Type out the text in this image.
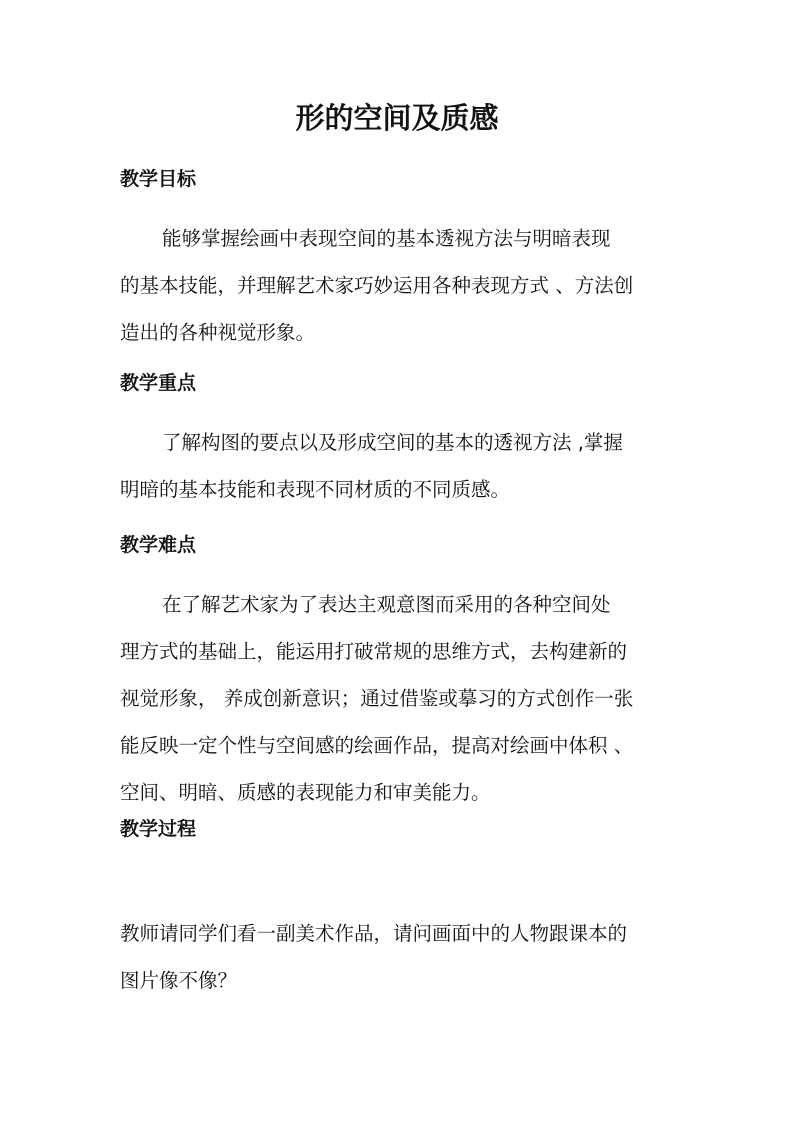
形的空间及质感
教学目标

能够掌握绘画中表现空间的基本透视方法与明暗表现
的基本技能，并理解艺术家巧妙运用各种表现方式 、方法创
造出的各种视觉形象。

教学重点

了解构图的要点以及形成空间的基本的透视方法 ,掌握
明暗的基本技能和表现不同材质的不同质感。

教学难点

在了解艺术家为了表达主观意图而采用的各种空间处
理方式的基础上，能运用打破常规的思维方式，去构建新的
视觉形象， 养成创新意识；通过借鉴或摹习的方式创作一张
能反映一定个性与空间感的绘画作品，提高对绘画中体积 、
空间、明暗、质感的表现能力和审美能力。

教学过程

教师请同学们看一副美术作品，请问画面中的人物跟课本的
图片像不像？
